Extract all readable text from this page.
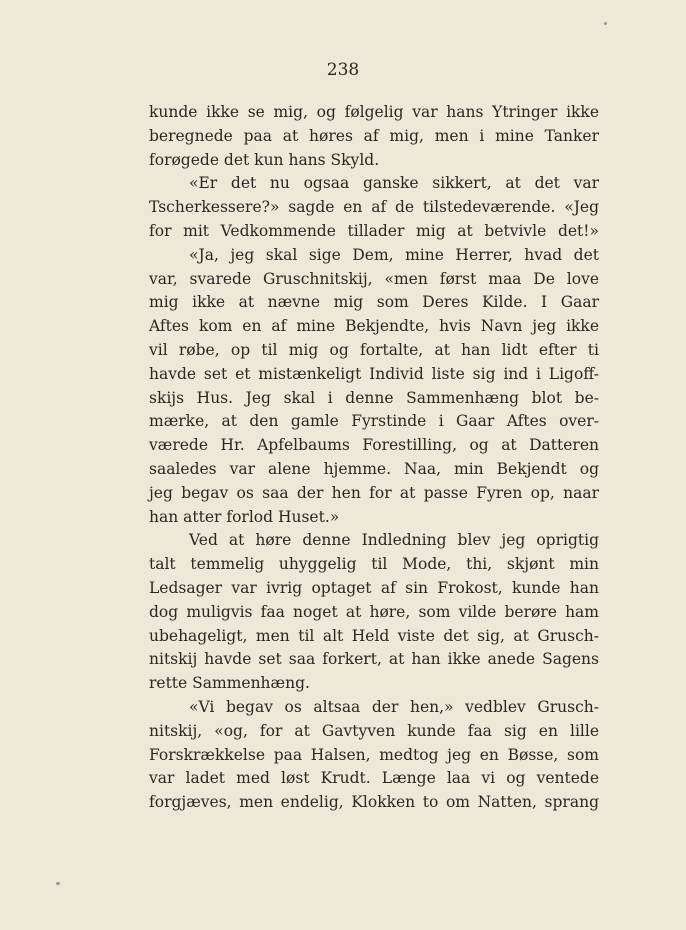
238
kunde ikke se mig, og følgelig var hans Ytringer ikke
beregnede paa at høres af mig, men i mine Tanker
forøgede det kun hans Skyld.
«Er det nu ogsaa ganske sikkert, at det var
Tscherkessere?» sagde en af de tilstedeværende. «Jeg
for mit Vedkommende tillader mig at betvivle det!»
«Ja, jeg skal sige Dem, mine Herrer, hvad det
var, svarede Gruschnitskij, «men først maa De love
mig ikke at nævne mig som Deres Kilde. I Gaar
Aftes kom en af mine Bekjendte, hvis Navn jeg ikke
vil røbe, op til mig og fortalte, at han lidt efter ti
havde set et mistænkeligt Individ liste sig ind i Ligoff-
skijs Hus. Jeg skal i denne Sammenhæng blot be-
mærke, at den gamle Fyrstinde i Gaar Aftes over-
værede Hr. Apfelbaums Forestilling, og at Datteren
saaledes var alene hjemme. Naa, min Bekjendt og
jeg begav os saa der hen for at passe Fyren op, naar
han atter forlod Huset.»
Ved at høre denne Indledning blev jeg oprigtig
talt temmelig uhyggelig til Mode, thi, skjønt min
Ledsager var ivrig optaget af sin Frokost, kunde han
dog muligvis faa noget at høre, som vilde berøre ham
ubehageligt, men til alt Held viste det sig, at Grusch-
nitskij havde set saa forkert, at han ikke anede Sagens
rette Sammenhæng.
«Vi begav os altsaa der hen,» vedblev Grusch-
nitskij, «og, for at Gavtyven kunde faa sig en lille
Forskrækkelse paa Halsen, medtog jeg en Bøsse, som
var ladet med løst Krudt. Længe laa vi og ventede
forgjæves, men endelig, Klokken to om Natten, sprang
